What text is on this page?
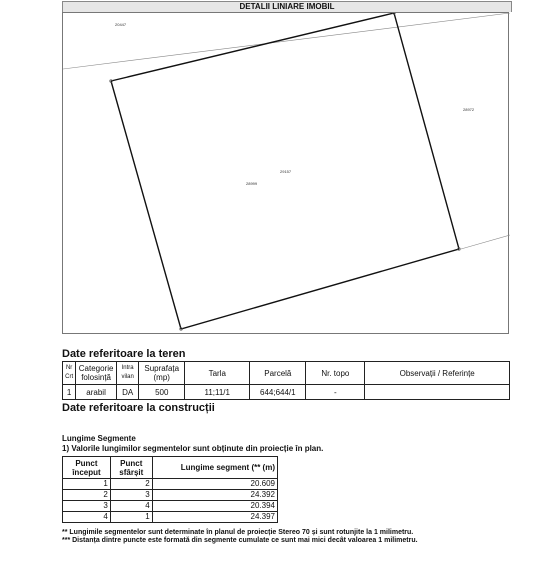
DETALII LINIARE IMOBIL
20447
28972
29157
28999
Date referitoare la teren
Nr Crt	Categorie folosință	Intra vilan	Suprafața (mp)	Tarla	Parcelă	Nr. topo	Observații / Referințe
1	arabil	DA	500	11;11/1	644;644/1	-	
Date referitoare la construcții
Lungime Segmente
1) Valorile lungimilor segmentelor sunt obținute din proiecție în plan.
Punct început	Punct sfârșit	Lungime segment (** (m)
1	2	20.609
2	3	24.392
3	4	20.394
4	1	24.397
** Lungimile segmentelor sunt determinate în planul de proiecție Stereo 70 și sunt rotunjite la 1 milimetru.
*** Distanța dintre puncte este formată din segmente cumulate ce sunt mai mici decât valoarea 1 milimetru.
